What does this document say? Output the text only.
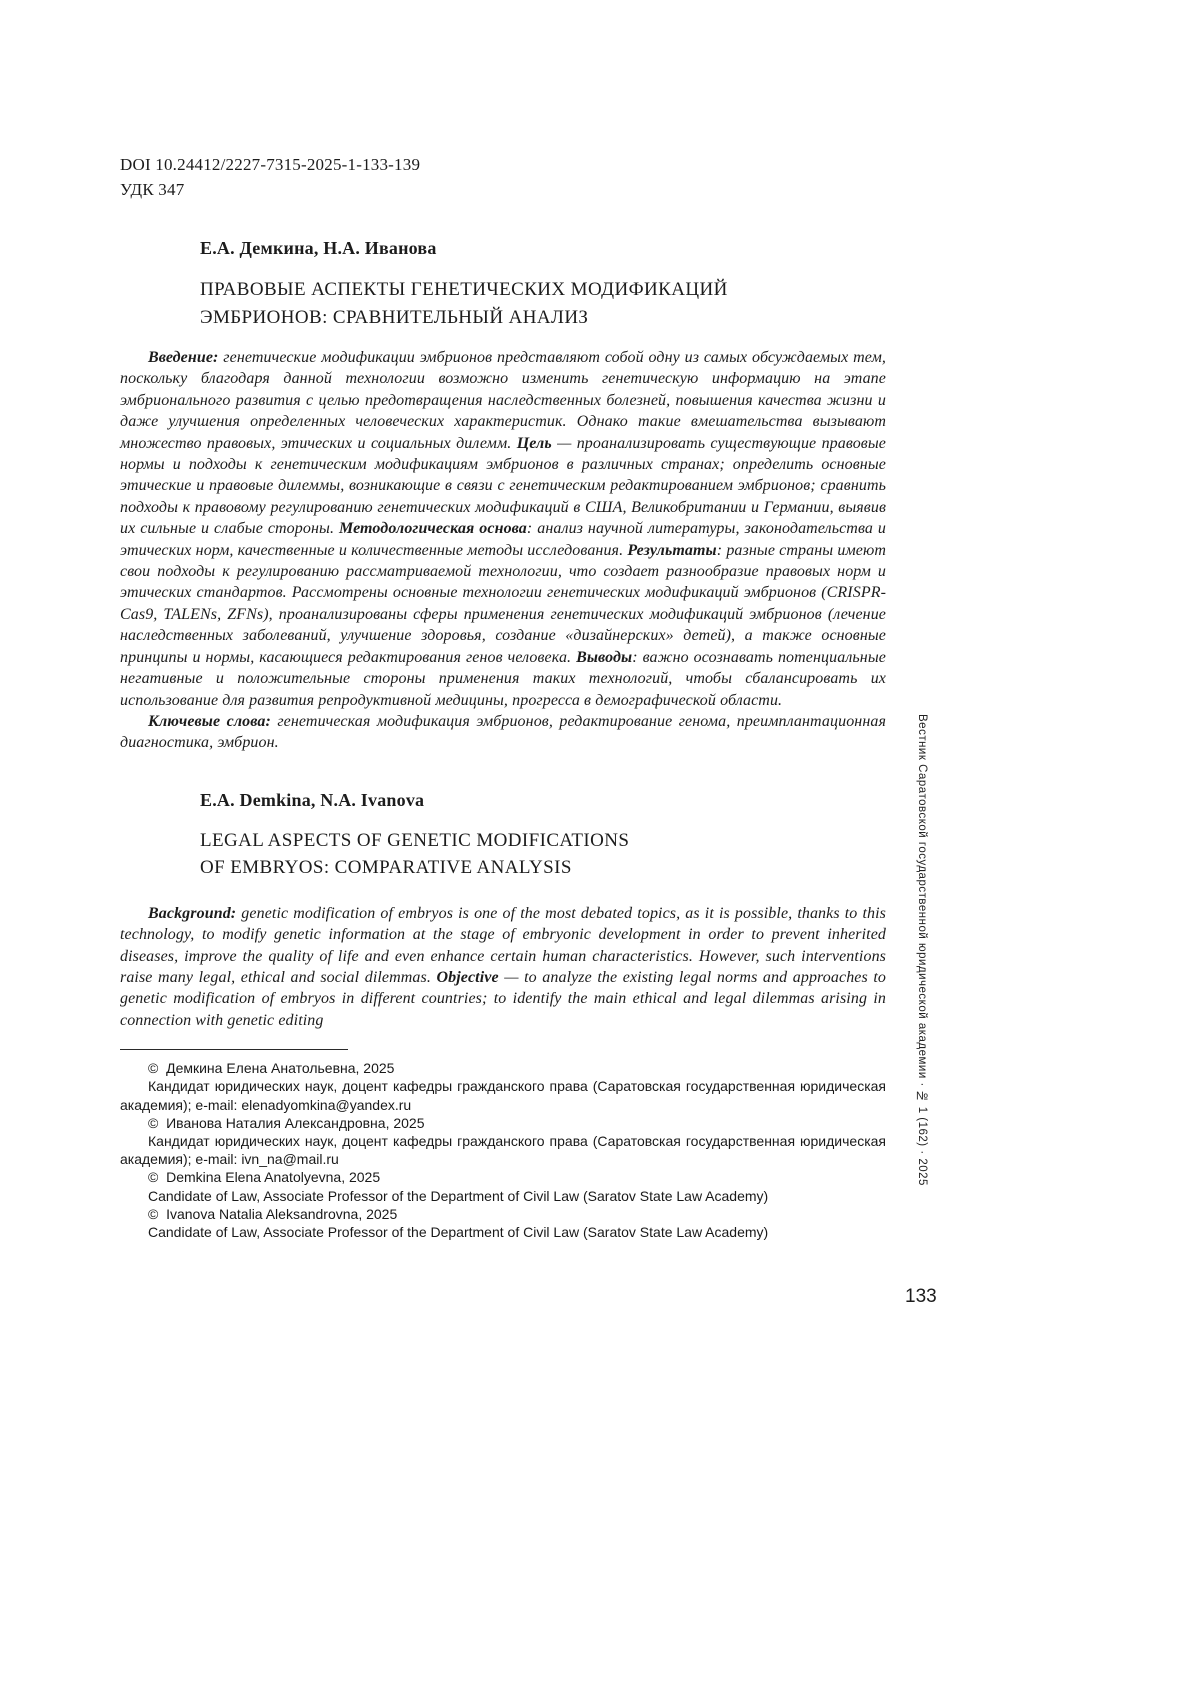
DOI 10.24412/2227-7315-2025-1-133-139
УДК 347
Е.А. Демкина, Н.А. Иванова
ПРАВОВЫЕ АСПЕКТЫ ГЕНЕТИЧЕСКИХ МОДИФИКАЦИЙ
ЭМБРИОНОВ: СРАВНИТЕЛЬНЫЙ АНАЛИЗ

Введение: генетические модификации эмбрионов представляют собой одну из самых обсуждаемых тем, поскольку благодаря данной технологии возможно изменить генетическую информацию на этапе эмбрионального развития с целью предотвращения наследственных болезней, повышения качества жизни и даже улучшения определенных человеческих характеристик. Однако такие вмешательства вызывают множество правовых, этических и социальных дилемм. Цель — проанализировать существующие правовые нормы и подходы к генетическим модификациям эмбрионов в различных странах; определить основные этические и правовые дилеммы, возникающие в связи с генетическим редактированием эмбрионов; сравнить подходы к правовому регулированию генетических модификаций в США, Великобритании и Германии, выявив их сильные и слабые стороны. Методологическая основа: анализ научной литературы, законодательства и этических норм, качественные и количественные методы исследования. Результаты: разные страны имеют свои подходы к регулированию рассматриваемой технологии, что создает разнообразие правовых норм и этических стандартов. Рассмотрены основные технологии генетических модификаций эмбрионов (CRISPR-Cas9, TALENs, ZFNs), проанализированы сферы применения генетических модификаций эмбрионов (лечение наследственных заболеваний, улучшение здоровья, создание «дизайнерских» детей), а также основные принципы и нормы, касающиеся редактирования генов человека. Выводы: важно осознавать потенциальные негативные и положительные стороны применения таких технологий, чтобы сбалансировать их использование для развития репродуктивной медицины, прогресса в демографической области.

Ключевые слова: генетическая модификация эмбрионов, редактирование генома, преимплантационная диагностика, эмбрион.

E.A. Demkina, N.A. Ivanova
LEGAL ASPECTS OF GENETIC MODIFICATIONS
OF EMBRYOS: COMPARATIVE ANALYSIS

Background: genetic modification of embryos is one of the most debated topics, as it is possible, thanks to this technology, to modify genetic information at the stage of embryonic development in order to prevent inherited diseases, improve the quality of life and even enhance certain human characteristics. However, such interventions raise many legal, ethical and social dilemmas. Objective — to analyze the existing legal norms and approaches to genetic modification of embryos in different countries; to identify the main ethical and legal dilemmas arising in connection with genetic editing

©  Демкина Елена Анатольевна, 2025

Кандидат юридических наук, доцент кафедры гражданского права (Саратовская государственная юридическая академия); e-mail: elenadyomkina@yandex.ru

©  Иванова Наталия Александровна, 2025

Кандидат юридических наук, доцент кафедры гражданского права (Саратовская государственная юридическая академия); e-mail: ivn_na@mail.ru

©  Demkina Elena Anatolyevna, 2025

Candidate of Law, Associate Professor of the Department of Civil Law (Saratov State Law Academy)

©  Ivanova Natalia Aleksandrovna, 2025

Candidate of Law, Associate Professor of the Department of Civil Law (Saratov State Law Academy)

Вестник Саратовской государственной юридической академии · № 1 (162) · 2025
133
